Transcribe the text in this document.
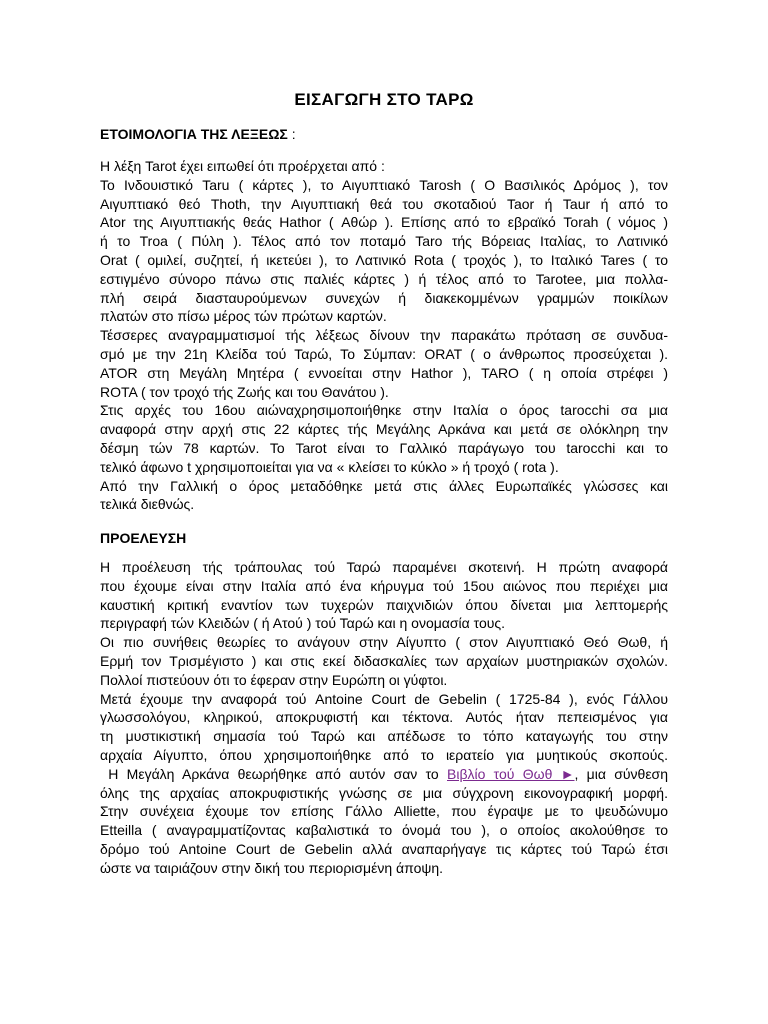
ΕΙΣΑΓΩΓΗ ΣΤΟ ΤΑΡΩ
ΕΤΟΙΜΟΛΟΓΙΑ ΤΗΣ ΛΕΞΕΩΣ :
Η λέξη Tarot έχει ειπωθεί ότι προέρχεται από :
Το Ινδουιστικό Taru ( κάρτες ), το Αιγυπτιακό Tarosh ( Ο Βασιλικός Δρόμος ), τον
Αιγυπτιακό θεό Thoth, την Αιγυπτιακή θεά του σκοταδιού Taor ή Taur ή από το
Ator της Αιγυπτιακής θεάς Hathor ( Αθώρ ). Επίσης από το εβραϊκό Torah ( νόμος )
ή το Troa ( Πύλη ). Τέλος από τον ποταμό Taro τής Βόρειας Ιταλίας, το Λατινικό
Orat ( ομιλεί, συζητεί, ή ικετεύει ), το Λατινικό Rota ( τροχός ), το Ιταλικό Tares ( το
εστιγμένο σύνορο πάνω στις παλιές κάρτες ) ή τέλος από το Tarotee, μια πολλα-
πλή σειρά διασταυρούμενων συνεχών ή διακεκομμένων γραμμών ποικίλων
πλατών στο πίσω μέρος τών πρώτων καρτών.
Τέσσερες αναγραμματισμοί τής λέξεως δίνουν την παρακάτω πρόταση σε συνδυα-
σμό με την 21η Κλείδα τού Ταρώ, Το Σύμπαν: ORAT ( ο άνθρωπος προσεύχεται ).
ATOR στη Μεγάλη Μητέρα ( εννοείται στην Hathor ), TARO ( η οποία στρέφει )
ROTA ( τον τροχό τής Ζωής και του Θανάτου ).
Στις αρχές του 16ου αιώναχρησιμοποιήθηκε στην Ιταλία ο όρος tarocchi σα μια
αναφορά στην αρχή στις 22 κάρτες τής Μεγάλης Αρκάνα και μετά σε ολόκληρη την
δέσμη τών 78 καρτών. Το Tarot είναι το Γαλλικό παράγωγο του tarocchi και το
τελικό άφωνο t χρησιμοποιείται για να « κλείσει το κύκλο » ή τροχό ( rota ).
Από την Γαλλική ο όρος μεταδόθηκε μετά στις άλλες Ευρωπαϊκές γλώσσες και
τελικά διεθνώς.
ΠΡΟΕΛΕΥΣΗ
Η προέλευση τής τράπουλας τού Ταρώ παραμένει σκοτεινή. Η πρώτη αναφορά
που έχουμε είναι στην Ιταλία από ένα κήρυγμα τού 15ου αιώνος που περιέχει μια
καυστική κριτική εναντίον των τυχερών παιχνιδιών όπου δίνεται μια λεπτομερής
περιγραφή τών Κλειδών ( ή Ατού ) τού Ταρώ και η ονομασία τους.
Οι πιο συνήθεις θεωρίες το ανάγουν στην Αίγυπτο ( στον Αιγυπτιακό Θεό Θωθ, ή
Ερμή τον Τρισμέγιστο ) και στις εκεί διδασκαλίες των αρχαίων μυστηριακών σχολών.
Πολλοί πιστεύουν ότι το έφεραν στην Ευρώπη οι γύφτοι.
Μετά έχουμε την αναφορά τού Antoine Court de Gebelin ( 1725-84 ), ενός Γάλλου
γλωσσολόγου, κληρικού, αποκρυφιστή και τέκτονα. Αυτός ήταν πεπεισμένος για
τη μυστικιστική σημασία τού Ταρώ και απέδωσε το τόπο καταγωγής του στην
αρχαία Αίγυπτο, όπου χρησιμοποιήθηκε από το ιερατείο για μυητικούς σκοπούς.
Η Μεγάλη Αρκάνα θεωρήθηκε από αυτόν σαν το Βιβλίο τού Θωθ ►, μια σύνθεση
όλης της αρχαίας αποκρυφιστικής γνώσης σε μια σύγχρονη εικονογραφική μορφή.
Στην συνέχεια έχουμε τον επίσης Γάλλο Alliette, που έγραψε με το ψευδώνυμο
Etteilla ( αναγραμματίζοντας καβαλιστικά το όνομά του ), ο οποίος ακολούθησε το
δρόμο τού Antoine Court de Gebelin αλλά αναπαρήγαγε τις κάρτες τού Ταρώ έτσι
ώστε να ταιριάζουν στην δική του περιορισμένη άποψη.
